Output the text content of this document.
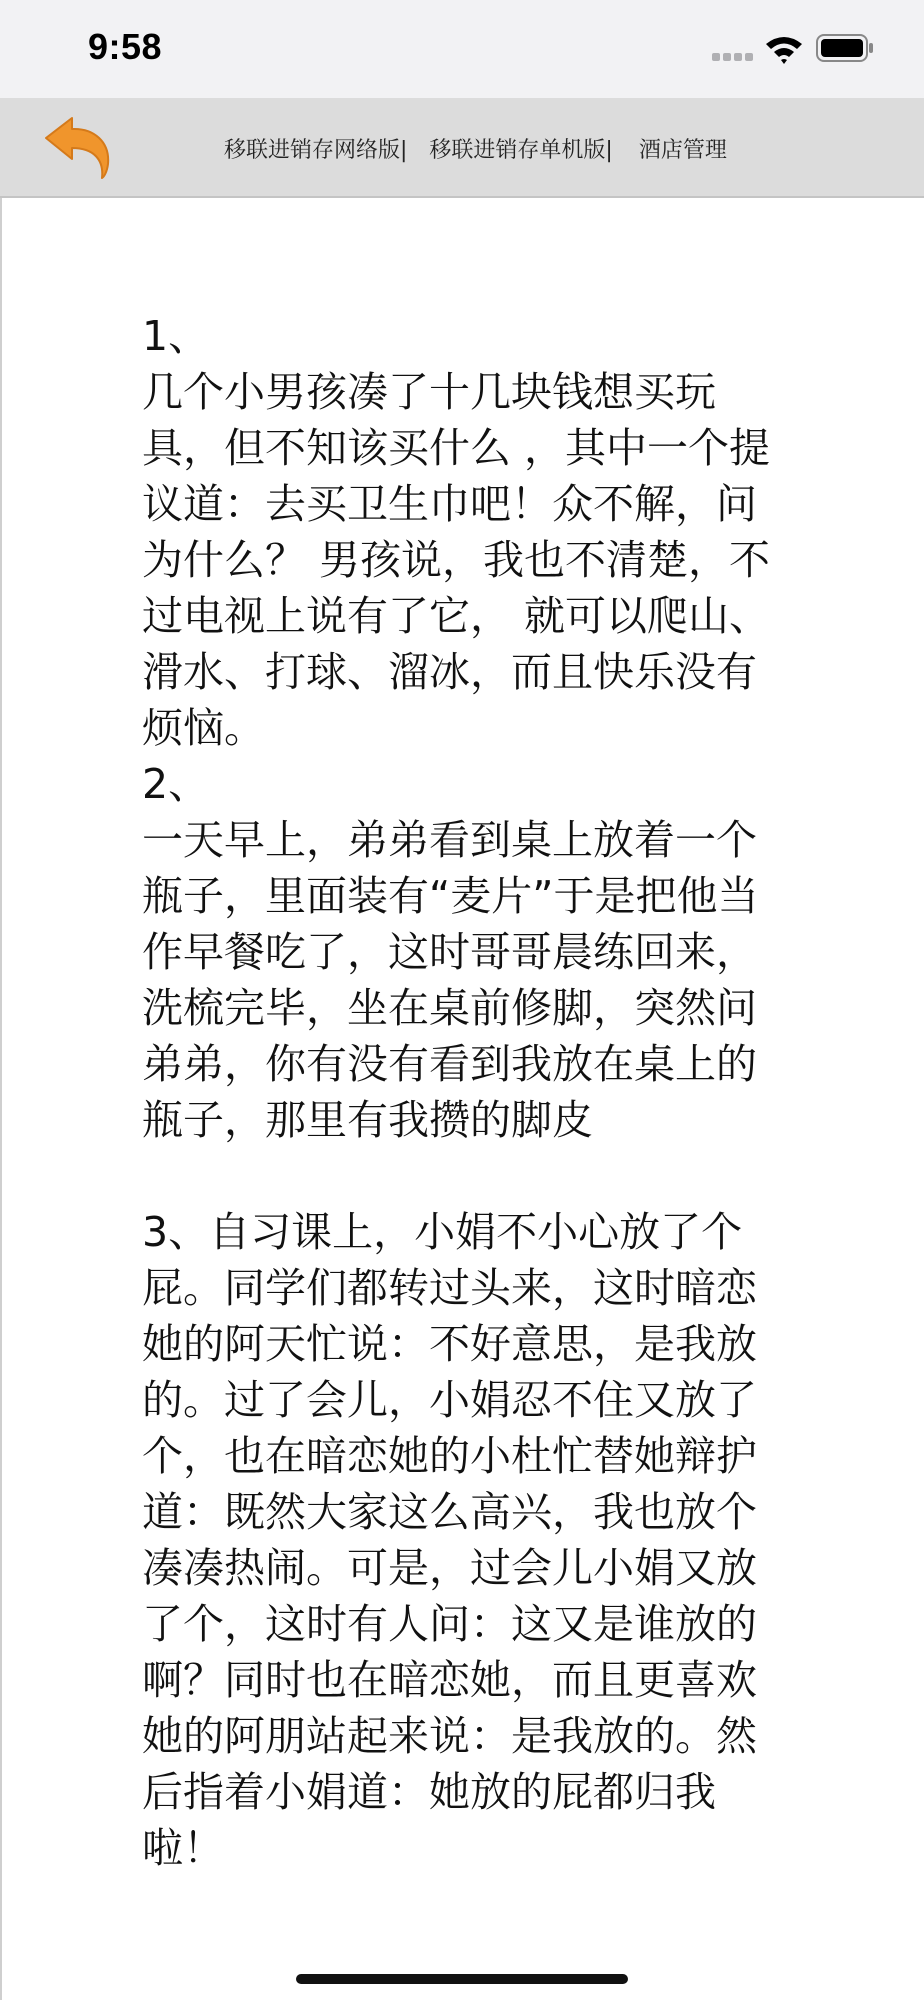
9:58
移联进销存网络版| 移联进销存单机版| 酒店管理
1、
几个小男孩凑了十几块钱想买玩具，但不知该买什么 ，其中一个提议道：去买卫生巾吧！众不解，问为什么？ 男孩说，我也不清楚，不过电视上说有了它， 就可以爬山、滑水、打球、溜冰，而且快乐没有烦恼。
2、
一天早上，弟弟看到桌上放着一个瓶子，里面装有“麦片”于是把他当作早餐吃了，这时哥哥晨练回来，洗梳完毕，坐在桌前修脚，突然问弟弟，你有没有看到我放在桌上的瓶子，那里有我攒的脚皮

3、自习课上，小娟不小心放了个屁。同学们都转过头来，这时暗恋她的阿天忙说：不好意思，是我放的。过了会儿，小娟忍不住又放了个，也在暗恋她的小杜忙替她辩护道：既然大家这么高兴，我也放个凑凑热闹。可是，过会儿小娟又放了个，这时有人问：这又是谁放的啊？同时也在暗恋她，而且更喜欢她的阿朋站起来说：是我放的。然后指着小娟道：她放的屁都归我啦！
